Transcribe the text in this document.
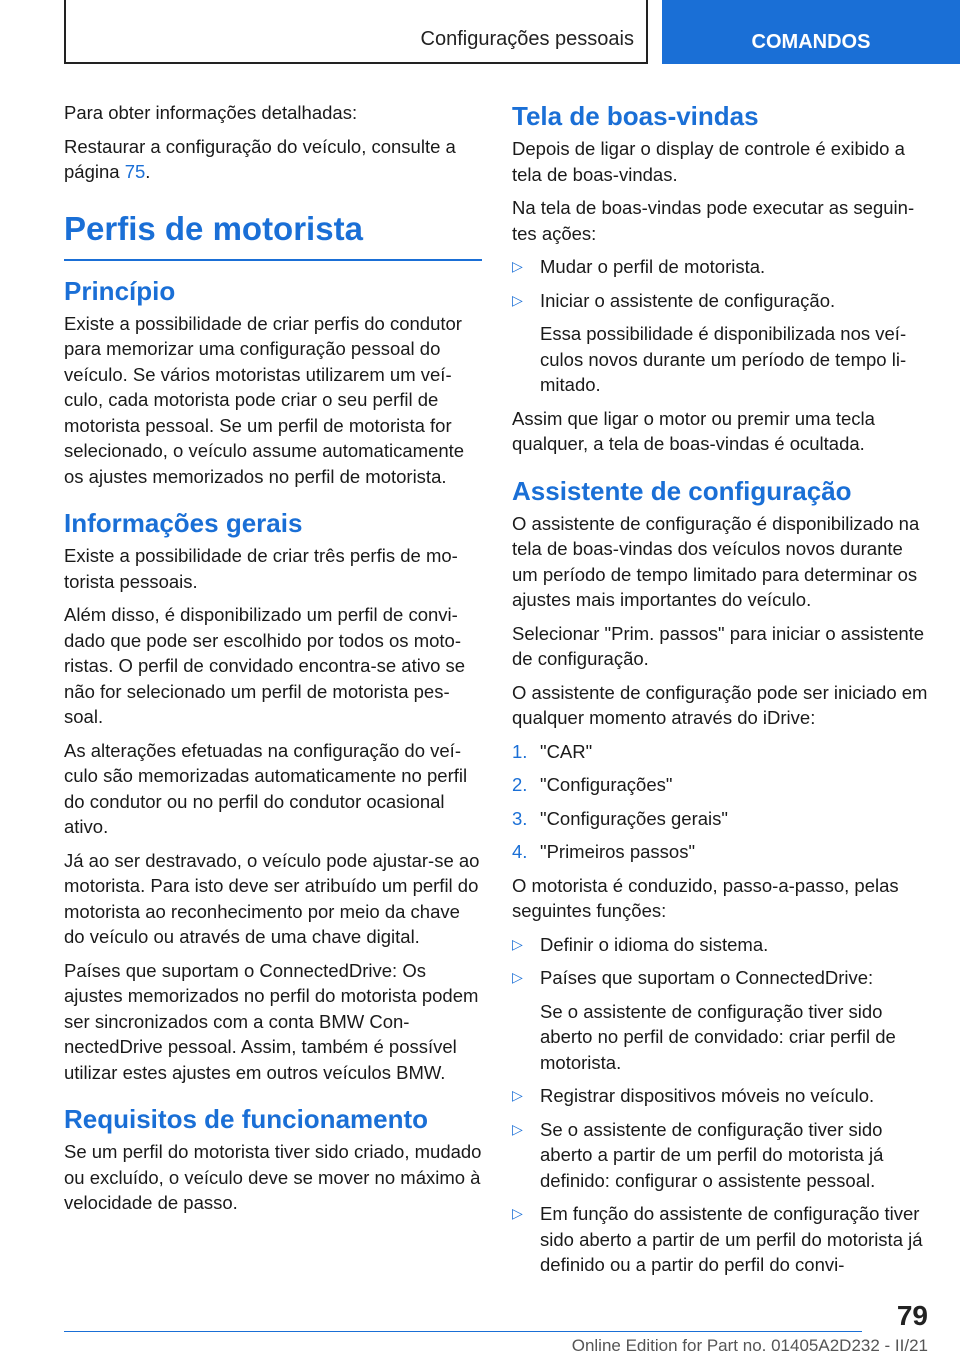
Configurações pessoais	COMANDOS

Para obter informações detalhadas:

Restaurar a configuração do veículo, consulte a página 75.

Perfis de motorista
Princípio

Existe a possibilidade de criar perfis do condutor para memorizar uma configuração pessoal do veículo. Se vários motoristas utilizarem um veículo, cada motorista pode criar o seu perfil de motorista pessoal. Se um perfil de motorista for selecionado, o veículo assume automaticamente os ajustes memorizados no perfil de motorista.

Informações gerais

Existe a possibilidade de criar três perfis de motorista pessoais.

Além disso, é disponibilizado um perfil de convidado que pode ser escolhido por todos os motoristas. O perfil de convidado encontra-se ativo se não for selecionado um perfil de motorista pessoal.

As alterações efetuadas na configuração do veículo são memorizadas automaticamente no perfil do condutor ou no perfil do condutor ocasional ativo.

Já ao ser destravado, o veículo pode ajustar-se ao motorista. Para isto deve ser atribuído um perfil do motorista ao reconhecimento por meio da chave do veículo ou através de uma chave digital.

Países que suportam o ConnectedDrive: Os ajustes memorizados no perfil do motorista podem ser sincronizados com a conta BMW ConnectedDrive pessoal. Assim, também é possível utilizar estes ajustes em outros veículos BMW.

Requisitos de funcionamento

Se um perfil do motorista tiver sido criado, mudado ou excluído, o veículo deve se mover no máximo à velocidade de passo.

Tela de boas-vindas

Depois de ligar o display de controle é exibido a tela de boas-vindas.

Na tela de boas-vindas pode executar as seguintes ações:

▷ Mudar o perfil de motorista.
▷ Iniciar o assistente de configuração.
Essa possibilidade é disponibilizada nos veículos novos durante um período de tempo limitado.

Assim que ligar o motor ou premir uma tecla qualquer, a tela de boas-vindas é ocultada.

Assistente de configuração

O assistente de configuração é disponibilizado na tela de boas-vindas dos veículos novos durante um período de tempo limitado para determinar os ajustes mais importantes do veículo.

Selecionar "Prim. passos" para iniciar o assistente de configuração.

O assistente de configuração pode ser iniciado em qualquer momento através do iDrive:

1. "CAR"
2. "Configurações"
3. "Configurações gerais"
4. "Primeiros passos"

O motorista é conduzido, passo-a-passo, pelas seguintes funções:

▷ Definir o idioma do sistema.
▷ Países que suportam o ConnectedDrive:
Se o assistente de configuração tiver sido aberto no perfil de convidado: criar perfil de motorista.
▷ Registrar dispositivos móveis no veículo.
▷ Se o assistente de configuração tiver sido aberto a partir de um perfil do motorista já definido: configurar o assistente pessoal.
▷ Em função do assistente de configuração tiver sido aberto a partir de um perfil do motorista já definido ou a partir do perfil do convi-
79
Online Edition for Part no. 01405A2D232 - II/21
